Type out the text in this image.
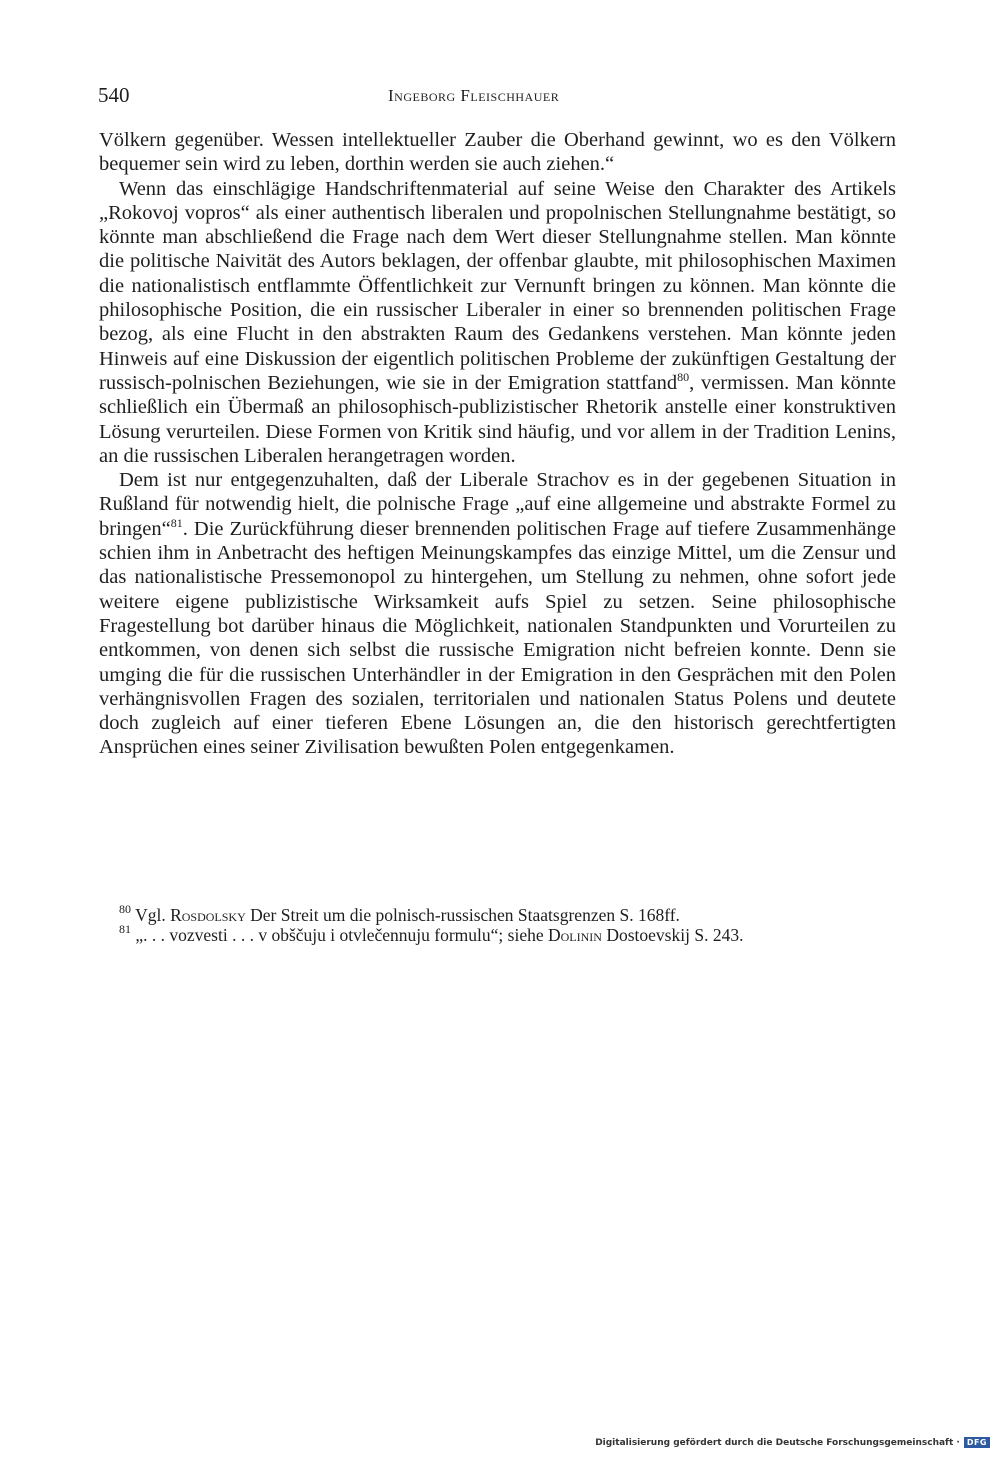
540	Ingeborg Fleischhauer

Völkern gegenüber. Wessen intellektueller Zauber die Oberhand gewinnt, wo es den Völkern bequemer sein wird zu leben, dorthin werden sie auch ziehen.“

Wenn das einschlägige Handschriftenmaterial auf seine Weise den Charakter des Artikels „Rokovoj vopros“ als einer authentisch liberalen und propolnischen Stellungnahme bestätigt, so könnte man abschließend die Frage nach dem Wert dieser Stellungnahme stellen. Man könnte die politische Naivität des Autors beklagen, der offenbar glaubte, mit philosophischen Maximen die nationalistisch entflammte Öffentlichkeit zur Vernunft bringen zu können. Man könnte die philosophische Position, die ein russischer Liberaler in einer so brennenden politischen Frage bezog, als eine Flucht in den abstrakten Raum des Gedankens verstehen. Man könnte jeden Hinweis auf eine Diskussion der eigentlich politischen Probleme der zukünftigen Gestaltung der russisch-polnischen Beziehungen, wie sie in der Emigration stattfand$^{80}$, vermissen. Man könnte schließlich ein Übermaß an philosophisch-publizistischer Rhetorik anstelle einer konstruktiven Lösung verurteilen. Diese Formen von Kritik sind häufig, und vor allem in der Tradition Lenins, an die russischen Liberalen herangetragen worden.

Dem ist nur entgegenzuhalten, daß der Liberale Strachov es in der gegebenen Situation in Rußland für notwendig hielt, die polnische Frage „auf eine allgemeine und abstrakte Formel zu bringen“$^{81}$. Die Zurückführung dieser brennenden politischen Frage auf tiefere Zusammenhänge schien ihm in Anbetracht des heftigen Meinungskampfes das einzige Mittel, um die Zensur und das nationalistische Pressemonopol zu hintergehen, um Stellung zu nehmen, ohne sofort jede weitere eigene publizistische Wirksamkeit aufs Spiel zu setzen. Seine philosophische Fragestellung bot darüber hinaus die Möglichkeit, nationalen Standpunkten und Vorurteilen zu entkommen, von denen sich selbst die russische Emigration nicht befreien konnte. Denn sie umging die für die russischen Unterhändler in der Emigration in den Gesprächen mit den Polen verhängnisvollen Fragen des sozialen, territorialen und nationalen Status Polens und deutete doch zugleich auf einer tieferen Ebene Lösungen an, die den historisch gerechtfertigten Ansprüchen eines seiner Zivilisation bewußten Polen entgegenkamen.

$^{80}$ Vgl. Rosdolsky Der Streit um die polnisch-russischen Staatsgrenzen S. 168ff.

$^{81}$ „. . . vozvesti . . . v obščuju i otvlečennuju formulu“; siehe Dolinin Dostoevskij S. 243.

Digitalisierung gefördert durch die Deutsche Forschungsgemeinschaft · DFG
